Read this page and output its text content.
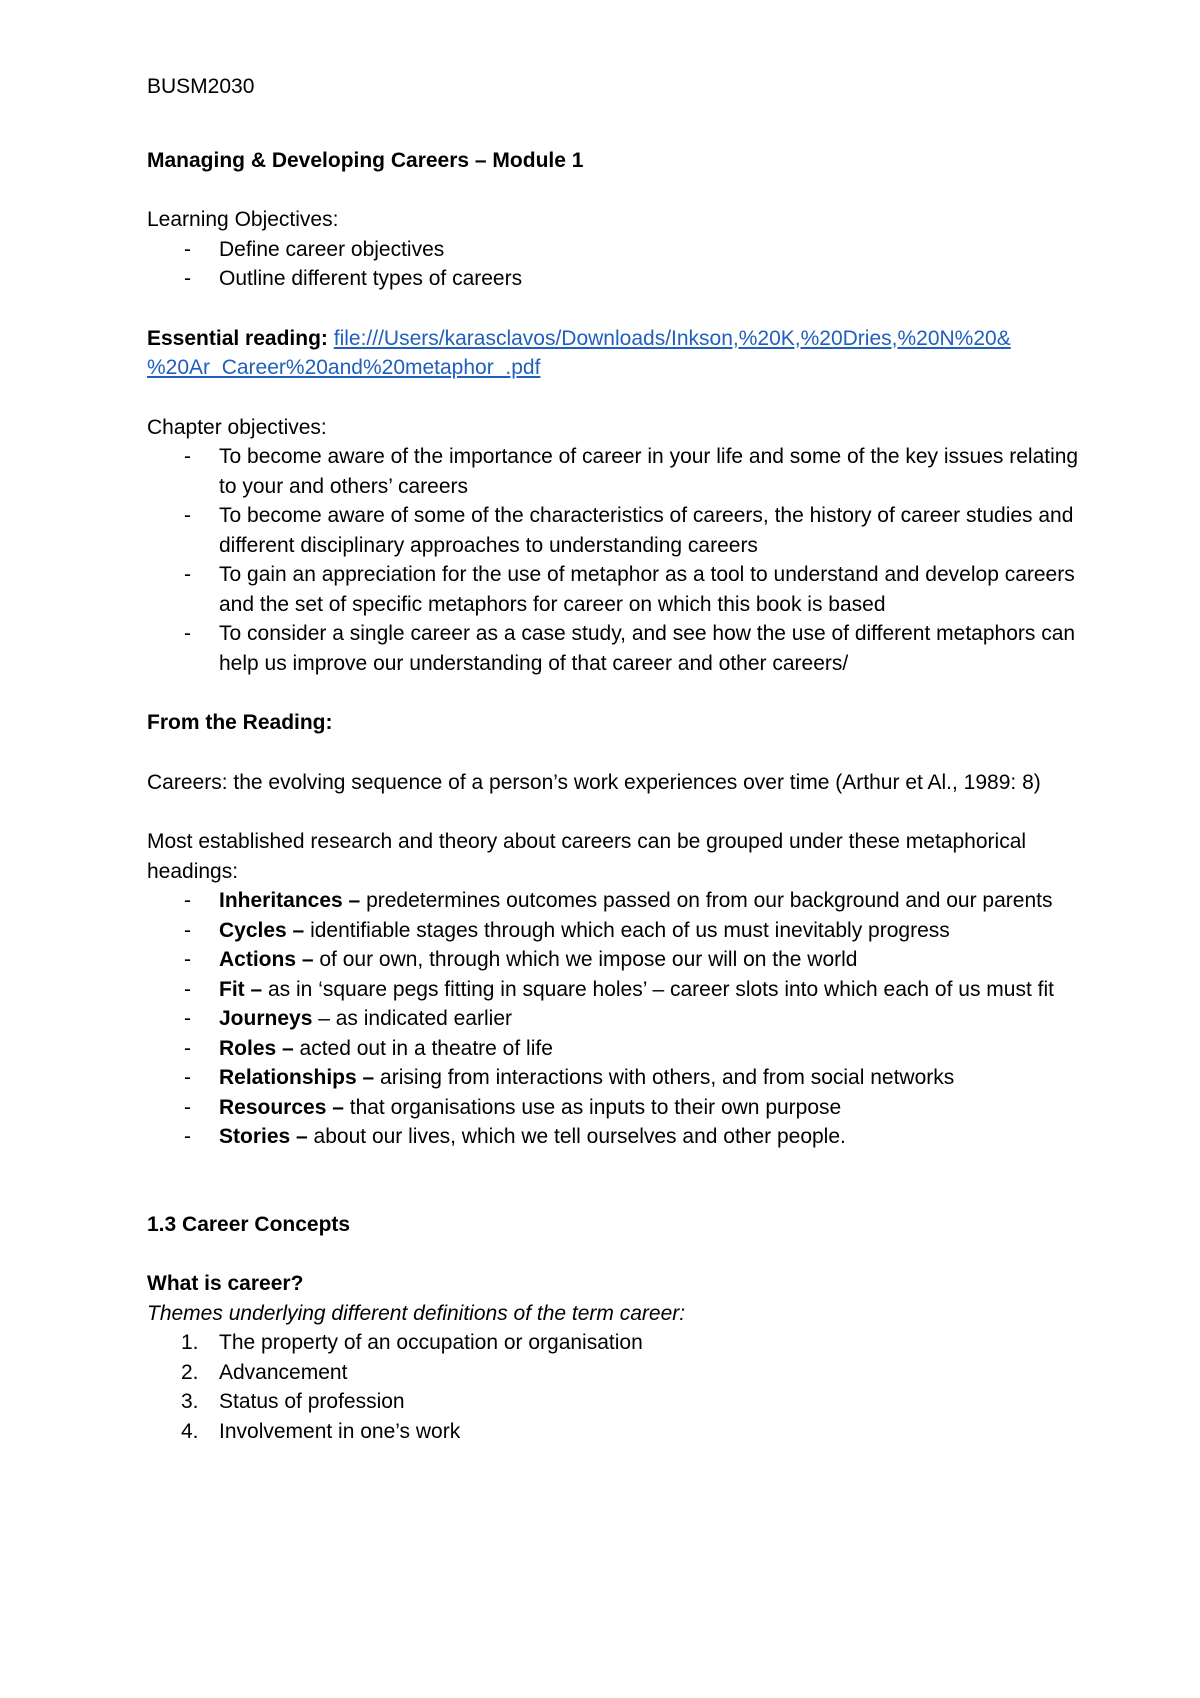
BUSM2030

Managing & Developing Careers – Module 1

Learning Objectives:

- Define career objectives
- Outline different types of careers

Essential reading: file:///Users/karasclavos/Downloads/Inkson,%20K,%20Dries,%20N%20&
%20Ar_Career%20and%20metaphor_.pdf

Chapter objectives:

- To become aware of the importance of career in your life and some of the key issues relating to your and others’ careers
- To become aware of some of the characteristics of careers, the history of career studies and different disciplinary approaches to understanding careers
- To gain an appreciation for the use of metaphor as a tool to understand and develop careers and the set of specific metaphors for career on which this book is based
- To consider a single career as a case study, and see how the use of different metaphors can help us improve our understanding of that career and other careers/

From the Reading:

Careers: the evolving sequence of a person’s work experiences over time (Arthur et Al., 1989: 8)

Most established research and theory about careers can be grouped under these metaphorical headings:

- Inheritances – predetermines outcomes passed on from our background and our parents
- Cycles – identifiable stages through which each of us must inevitably progress
- Actions – of our own, through which we impose our will on the world
- Fit – as in ‘square pegs fitting in square holes’ – career slots into which each of us must fit
- Journeys – as indicated earlier
- Roles – acted out in a theatre of life
- Relationships – arising from interactions with others, and from social networks
- Resources – that organisations use as inputs to their own purpose
- Stories – about our lives, which we tell ourselves and other people.

1.3 Career Concepts

What is career?

Themes underlying different definitions of the term career:

1. The property of an occupation or organisation
2. Advancement
3. Status of profession
4. Involvement in one’s work
